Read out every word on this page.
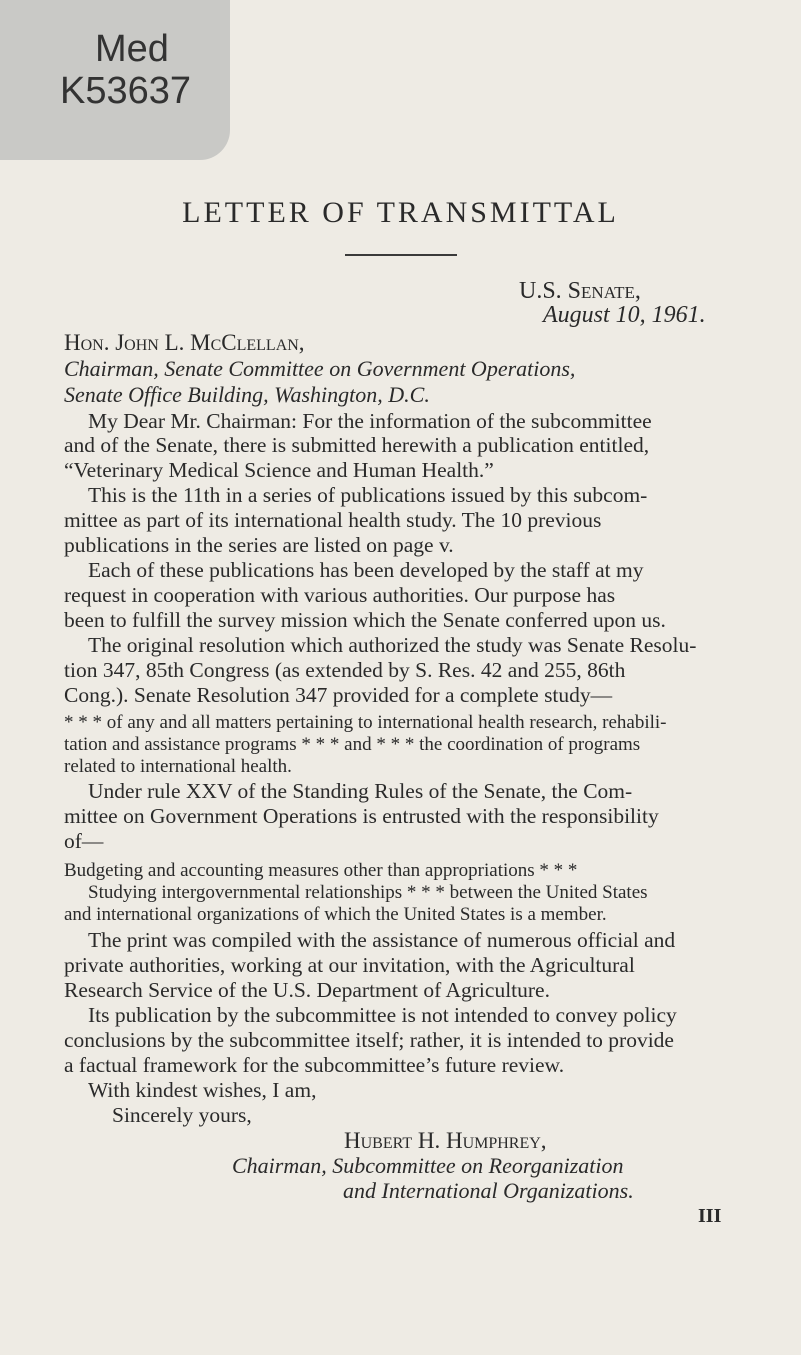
Med
K53637
LETTER OF TRANSMITTAL
U.S. Senate,
August 10, 1961.
Hon. John L. McClellan,
Chairman, Senate Committee on Government Operations,
Senate Office Building, Washington, D.C.
My Dear Mr. Chairman: For the information of the subcommittee
and of the Senate, there is submitted herewith a publication entitled,
“Veterinary Medical Science and Human Health.”
This is the 11th in a series of publications issued by this subcom-
mittee as part of its international health study. The 10 previous
publications in the series are listed on page v.
Each of these publications has been developed by the staff at my
request in cooperation with various authorities. Our purpose has
been to fulfill the survey mission which the Senate conferred upon us.
The original resolution which authorized the study was Senate Resolu-
tion 347, 85th Congress (as extended by S. Res. 42 and 255, 86th
Cong.). Senate Resolution 347 provided for a complete study—
* * * of any and all matters pertaining to international health research, rehabili-
tation and assistance programs * * * and * * * the coordination of programs
related to international health.
Under rule XXV of the Standing Rules of the Senate, the Com-
mittee on Government Operations is entrusted with the responsibility
of—
Budgeting and accounting measures other than appropriations * * *
Studying intergovernmental relationships * * * between the United States
and international organizations of which the United States is a member.
The print was compiled with the assistance of numerous official and
private authorities, working at our invitation, with the Agricultural
Research Service of the U.S. Department of Agriculture.
Its publication by the subcommittee is not intended to convey policy
conclusions by the subcommittee itself; rather, it is intended to provide
a factual framework for the subcommittee’s future review.
With kindest wishes, I am,
Sincerely yours,
Hubert H. Humphrey,
Chairman, Subcommittee on Reorganization
and International Organizations.
III
